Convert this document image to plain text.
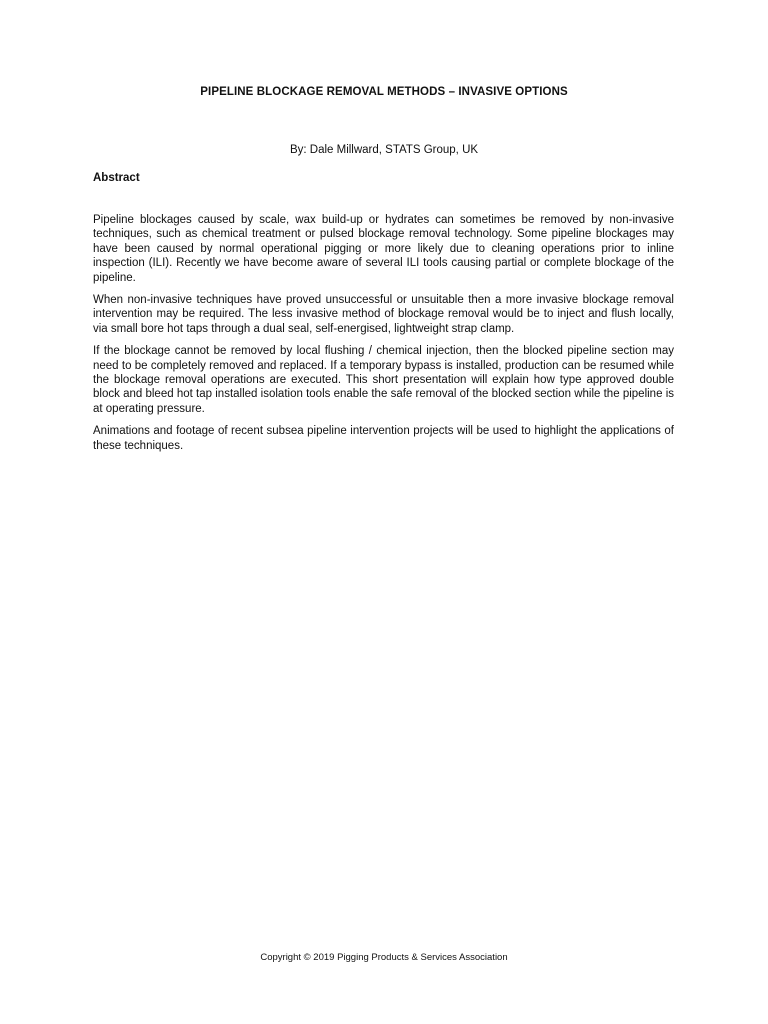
PIPELINE BLOCKAGE REMOVAL METHODS – INVASIVE OPTIONS
By: Dale Millward, STATS Group, UK
Abstract

Pipeline blockages caused by scale, wax build-up or hydrates can sometimes be removed by non-invasive techniques, such as chemical treatment or pulsed blockage removal technology. Some pipeline blockages may have been caused by normal operational pigging or more likely due to cleaning operations prior to inline inspection (ILI). Recently we have become aware of several ILI tools causing partial or complete blockage of the pipeline.

When non-invasive techniques have proved unsuccessful or unsuitable then a more invasive blockage removal intervention may be required. The less invasive method of blockage removal would be to inject and flush locally, via small bore hot taps through a dual seal, self-energised, lightweight strap clamp.

If the blockage cannot be removed by local flushing / chemical injection, then the blocked pipeline section may need to be completely removed and replaced. If a temporary bypass is installed, production can be resumed while the blockage removal operations are executed. This short presentation will explain how type approved double block and bleed hot tap installed isolation tools enable the safe removal of the blocked section while the pipeline is at operating pressure.

Animations and footage of recent subsea pipeline intervention projects will be used to highlight the applications of these techniques.

Copyright © 2019 Pigging Products & Services Association
